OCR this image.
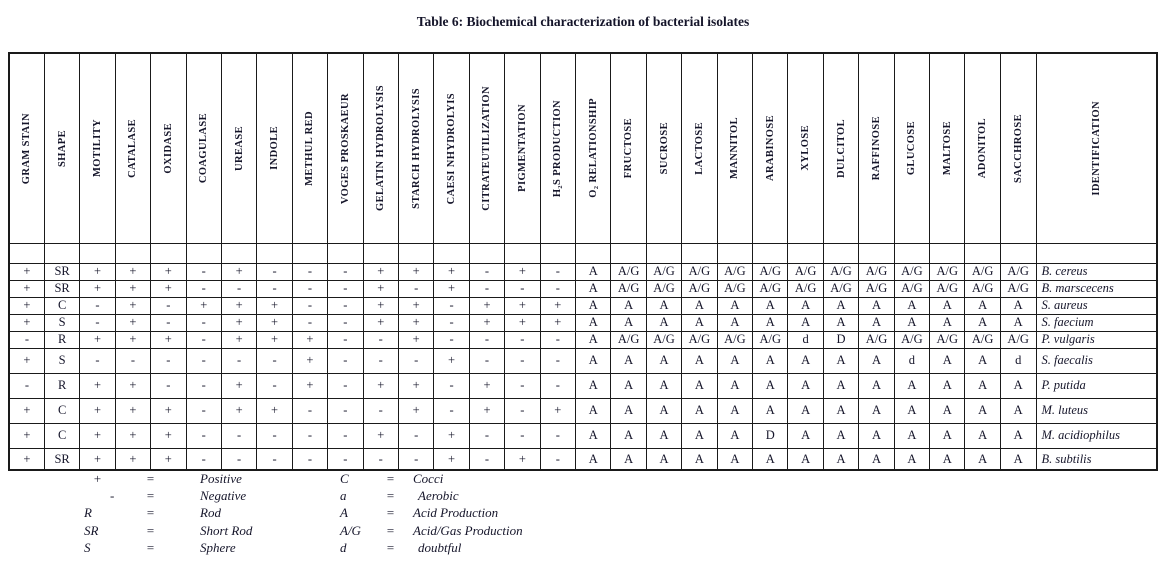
Table 6: Biochemical characterization of bacterial isolates
GRAM STAIN	SHAPE	MOTILITY	CATALASE	OXIDASE	COAGULASE	UREASE	INDOLE	METHUL RED	VOGES PROSKAEUR	GELATIN HYDROLYSIS	STARCH HYDROLYSIS	CAESI NHYDROLYIS	CITRATEUTILIZATION	PIGMENTATION	H₂S PRODUCTION	O₂ RELATIONSHIP	FRUCTOSE	SUCROSE	LACTOSE	MANNITOL	ARABINOSE	XYLOSE	DULCITOL	RAFFINOSE	GLUCOSE	MALTOSE	ADONITOL	SACCHROSE	IDENTIFICATION

+	SR	+	+	+	-	+	-	-	-	+	+	+	-	+	-	A	A/G	A/G	A/G	A/G	A/G	A/G	A/G	A/G	A/G	A/G	A/G	A/G	B. cereus
+	SR	+	+	+	-	-	-	-	-	+	-	+	-	-	-	A	A/G	A/G	A/G	A/G	A/G	A/G	A/G	A/G	A/G	A/G	A/G	A/G	B. marscecens
+	C	-	+	-	+	+	+	-	-	+	+	-	+	+	+	A	A	A	A	A	A	A	A	A	A	A	A	A	S. aureus
+	S	-	+	-	-	+	+	-	-	+	+	-	+	+	+	A	A	A	A	A	A	A	A	A	A	A	A	A	S. faecium
-	R	+	+	+	-	+	+	+	-	-	+	-	-	-	-	A	A/G	A/G	A/G	A/G	A/G	d	D	A/G	A/G	A/G	A/G	A/G	P. vulgaris
+	S	-	-	-	-	-	-	+	-	-	-	+	-	-	-	A	A	A	A	A	A	A	A	A	d	A	A	d	S. faecalis
-	R	+	+	-	-	+	-	+	-	+	+	-	+	-	-	A	A	A	A	A	A	A	A	A	A	A	A	A	P. putida
+	C	+	+	+	-	+	+	-	-	-	+	-	+	-	+	A	A	A	A	A	A	A	A	A	A	A	A	A	M. luteus
+	C	+	+	+	-	-	-	-	-	+	-	+	-	-	-	A	A	A	A	A	D	A	A	A	A	A	A	A	M. acidiophilus
+	SR	+	+	+	-	-	-	-	-	-	-	+	-	+	-	A	A	A	A	A	A	A	A	A	A	A	A	A	B. subtilis
+	=	Positive	C	= Cocci
- =	Negative	a	=	Aerobic
R	=	Rod	A	= Acid Production
SR	=	Short Rod	A/G = Acid/Gas Production
S	=	Sphere	d	=	doubtful
